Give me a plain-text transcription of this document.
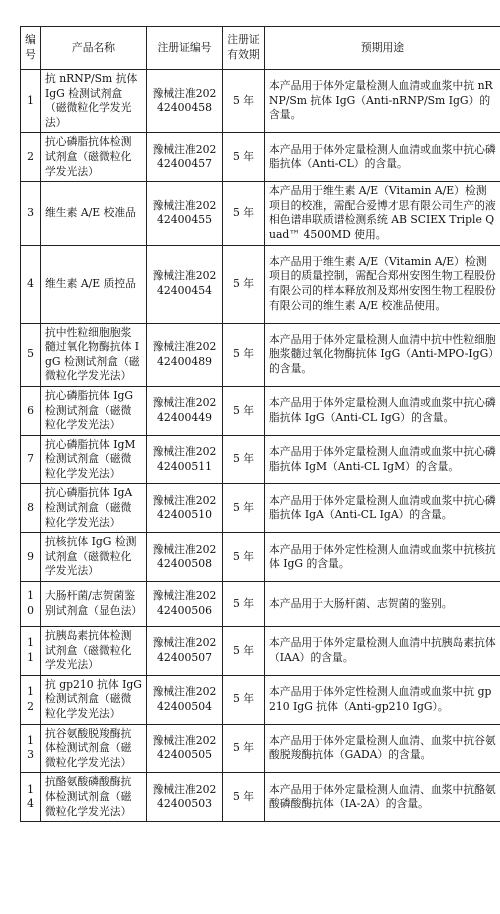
编号	产品名称	注册证编号	注册证有效期	预期用途
1	抗 nRNP/Sm 抗体 IgG 检测试剂盒（磁微粒化学发光法）	豫械注准20242400458	5 年	本产品用于体外定量检测人血清或血浆中抗 nRNP/Sm 抗体 IgG（Anti-nRNP/Sm IgG）的含量。
2	抗心磷脂抗体检测试剂盒（磁微粒化学发光法）	豫械注准20242400457	5 年	本产品用于体外定量检测人血清或血浆中抗心磷脂抗体（Anti-CL）的含量。
3	维生素 A/E 校准品	豫械注准20242400455	5 年	本产品用于维生素 A/E（Vitamin A/E）检测项目的校准，需配合爱博才思有限公司生产的液相色谱串联质谱检测系统 AB SCIEX Triple Quad™ 4500MD 使用。
4	维生素 A/E 质控品	豫械注准20242400454	5 年	本产品用于维生素 A/E（Vitamin A/E）检测项目的质量控制，需配合郑州安图生物工程股份有限公司的样本释放剂及郑州安图生物工程股份有限公司的维生素 A/E 校准品使用。
5	抗中性粒细胞胞浆髓过氧化物酶抗体 IgG 检测试剂盒（磁微粒化学发光法）	豫械注准20242400489	5 年	本产品用于体外定量检测人血清中抗中性粒细胞胞浆髓过氧化物酶抗体 IgG（Anti-MPO-IgG）的含量。
6	抗心磷脂抗体 IgG 检测试剂盒（磁微粒化学发光法）	豫械注准20242400449	5 年	本产品用于体外定量检测人血清或血浆中抗心磷脂抗体 IgG（Anti-CL IgG）的含量。
7	抗心磷脂抗体 IgM 检测试剂盒（磁微粒化学发光法）	豫械注准20242400511	5 年	本产品用于体外定量检测人血清或血浆中抗心磷脂抗体 IgM（Anti-CL IgM）的含量。
8	抗心磷脂抗体 IgA 检测试剂盒（磁微粒化学发光法）	豫械注准20242400510	5 年	本产品用于体外定量检测人血清或血浆中抗心磷脂抗体 IgA（Anti-CL IgA）的含量。
9	抗核抗体 IgG 检测试剂盒（磁微粒化学发光法）	豫械注准20242400508	5 年	本产品用于体外定性检测人血清或血浆中抗核抗体 IgG 的含量。
10	大肠杆菌/志贺菌鉴别试剂盒（显色法）	豫械注准20242400506	5 年	本产品用于大肠杆菌、志贺菌的鉴别。
11	抗胰岛素抗体检测试剂盒（磁微粒化学发光法）	豫械注准20242400507	5 年	本产品用于体外定量检测人血清中抗胰岛素抗体（IAA）的含量。
12	抗 gp210 抗体 IgG 检测试剂盒（磁微粒化学发光法）	豫械注准20242400504	5 年	本产品用于体外定性检测人血清或血浆中抗 gp210 IgG 抗体（Anti-gp210 IgG）。
13	抗谷氨酸脱羧酶抗体检测试剂盒（磁微粒化学发光法）	豫械注准20242400505	5 年	本产品用于体外定量检测人血清、血浆中抗谷氨酸脱羧酶抗体（GADA）的含量。
14	抗酪氨酸磷酸酶抗体检测试剂盒（磁微粒化学发光法）	豫械注准20242400503	5 年	本产品用于体外定量检测人血清、血浆中抗酪氨酸磷酸酶抗体（IA-2A）的含量。
